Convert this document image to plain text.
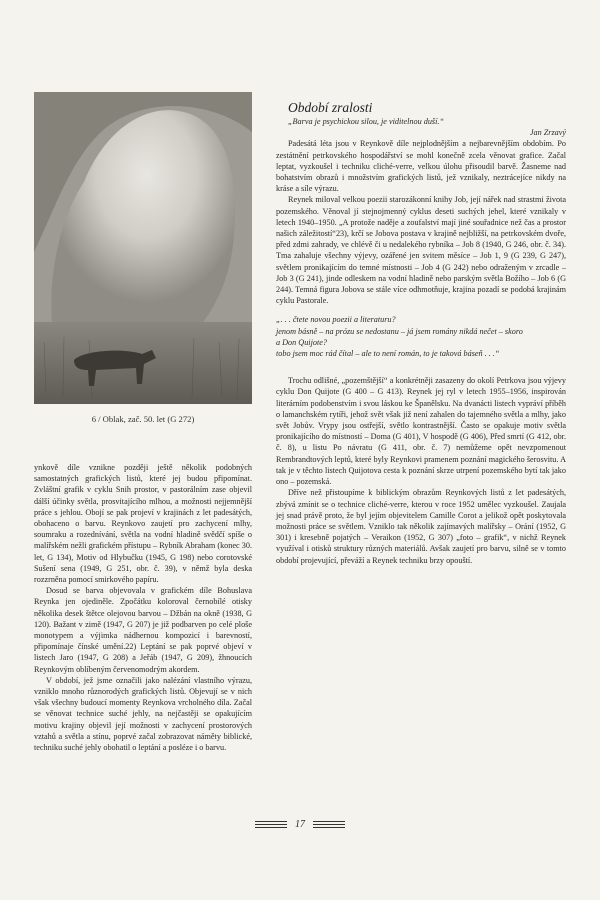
6 / Oblak, zač. 50. let (G 272)

ynkově díle vznikne později ještě několik podobných samostatných grafických listů, které jej budou připomínat. Zvláštní grafik v cyklu Snih prostor, v pastorálním zase objevil dálší účinky světla, prosvitajícího mlhou, a možnosti nejjemnější práce s jehlou. Obojí se pak projeví v krajinách z let padesátých, obohaceno o barvu. Reynkovo zaujetí pro zachycení mlhy, soumraku a rozednívání, světla na vodní hladině svědčí spíše o malířském nežli grafickém přístupu – Rybník Abraham (konec 30. let, G 134), Motiv od Hlybučku (1945, G 198) nebo corotovské Sušení sena (1949, G 251, obr. č. 39), v němž byla deska rozzrněna pomocí smirkového papíru.

Dosud se barva objevovala v grafickém díle Bohuslava Reynka jen ojediněle. Zpočátku koloroval černobílé otisky několika desek štětce olejovou barvou – Džbán na okně (1938, G 120). Bažant v zimě (1947, G 207) je již podbarven po celé ploše monotypem a výjimka nádhernou kompozicí i barevností, připomínaje čínské umění.22) Leptání se pak poprvé objeví v listech Jaro (1947, G 208) a Jeřáb (1947, G 209), žhnoucích Reynkovým oblíbeným červenomodrým akordem.

V období, jež jsme označili jako nalézání vlastního výrazu, vzniklo mnoho různorodých grafických listů. Objevují se v nich však všechny budoucí momenty Reynkova vrcholného díla. Začal se věnovat technice suché jehly, na nejčastěji se opakujícím motivu krajiny objevil její možnosti v zachycení prostorových vztahů a světla a stínu, poprvé začal zobrazovat náměty biblické, techniku suché jehly obohatil o leptání a posléze i o barvu.

Období zralosti

„Barva je psychickou silou, je viditelnou duší.“

Jan Zrzavý

Padesátá léta jsou v Reynkově díle nejplodnějším a nejbarevnějším obdobím. Po zestátnění petrkovského hospodářství se mohl konečně zcela věnovat grafice. Začal leptat, vyzkoušel i techniku cliché-verre, velkou úlohu přisoudil barvě. Žasneme nad bohatstvím obrazů i množstvím grafických listů, jež vznikaly, neztrácejíce nikdy na kráse a síle výrazu.

Reynek miloval velkou poezii starozákonní knihy Job, její nářek nad strastmi života pozemského. Věnoval jí stejnojmenný cyklus deseti suchých jehel, které vznikaly v letech 1940–1950. „A protože naděje a zoufalství mají jiné souřadnice než čas a prostor našich záležitostí“23), krčí se Jobova postava v krajině nejbližší, na petrkovském dvoře, před zdmi zahrady, ve chlévě či u nedalekého rybníka – Job 8 (1940, G 246, obr. č. 34). Tma zahaluje všechny výjevy, ozářené jen svitem měsíce – Job 1, 9 (G 239, G 247), světlem pronikajícím do temné místnosti – Job 4 (G 242) nebo odraženým v zrcadle – Job 3 (G 241), jinde odleskem na vodní hladině nebo parským světla Božího – Job 6 (G 244). Temná figura Jobova se stále více odhmotňuje, krajina pozadí se podobá krajinám cyklu Pastorale.

„. . . čtete novou poezii a literaturu?
jenom básně – na prózu se nedostanu – já jsem romány nikdá nečet – skoro
a Don Quijote?
tobo jsem moc rád čítal – ale to není román, to je taková báseň . . .“

Trochu odlišné, „pozemštější“ a konkrétněji zasazeny do okolí Petrkova jsou výjevy cyklu Don Quijote (G 400 – G 413). Reynek jej ryl v letech 1955–1956, inspirován literárním podobenstvím i svou láskou ke Španělsku. Na dvanácti listech vypráví příběh o lamanchském rytíři, jehož svět však již není zahalen do tajemného světla a mlhy, jako svět Jobův. Vrypy jsou ostřejší, světlo kontrastnější. Často se opakuje motiv světla pronikajícího do místností – Doma (G 401), V hospodě (G 406), Před smrtí (G 412, obr. č. 8), u listu Po návratu (G 411, obr. č. 7) nemůžeme opět nevzpomenout Rembrandtových leptů, které byly Reynkovi pramenem poznání magického šerosvitu. A tak je v těchto listech Quijotova cesta k poznání skrze utrpení pozemského bytí tak jako ono – pozemská.

Dříve než přistoupíme k biblickým obrazům Reynkových listů z let padesátých, zbývá zmínit se o technice cliché-verre, kterou v roce 1952 umělec vyzkoušel. Zaujala jej snad právě proto, že byl jejím objevitelem Camille Corot a jelikož opět poskytovala možnosti práce se světlem. Vzniklo tak několik zajímavých malířsky – Orání (1952, G 301) i kresebně pojatých – Veraikon (1952, G 307) „foto – grafik“, v nichž Reynek využíval i otisků struktury různých materiálů. Avšak zaujetí pro barvu, silně se v tomto období projevující, převáží a Reynek techniku brzy opouští.

17
